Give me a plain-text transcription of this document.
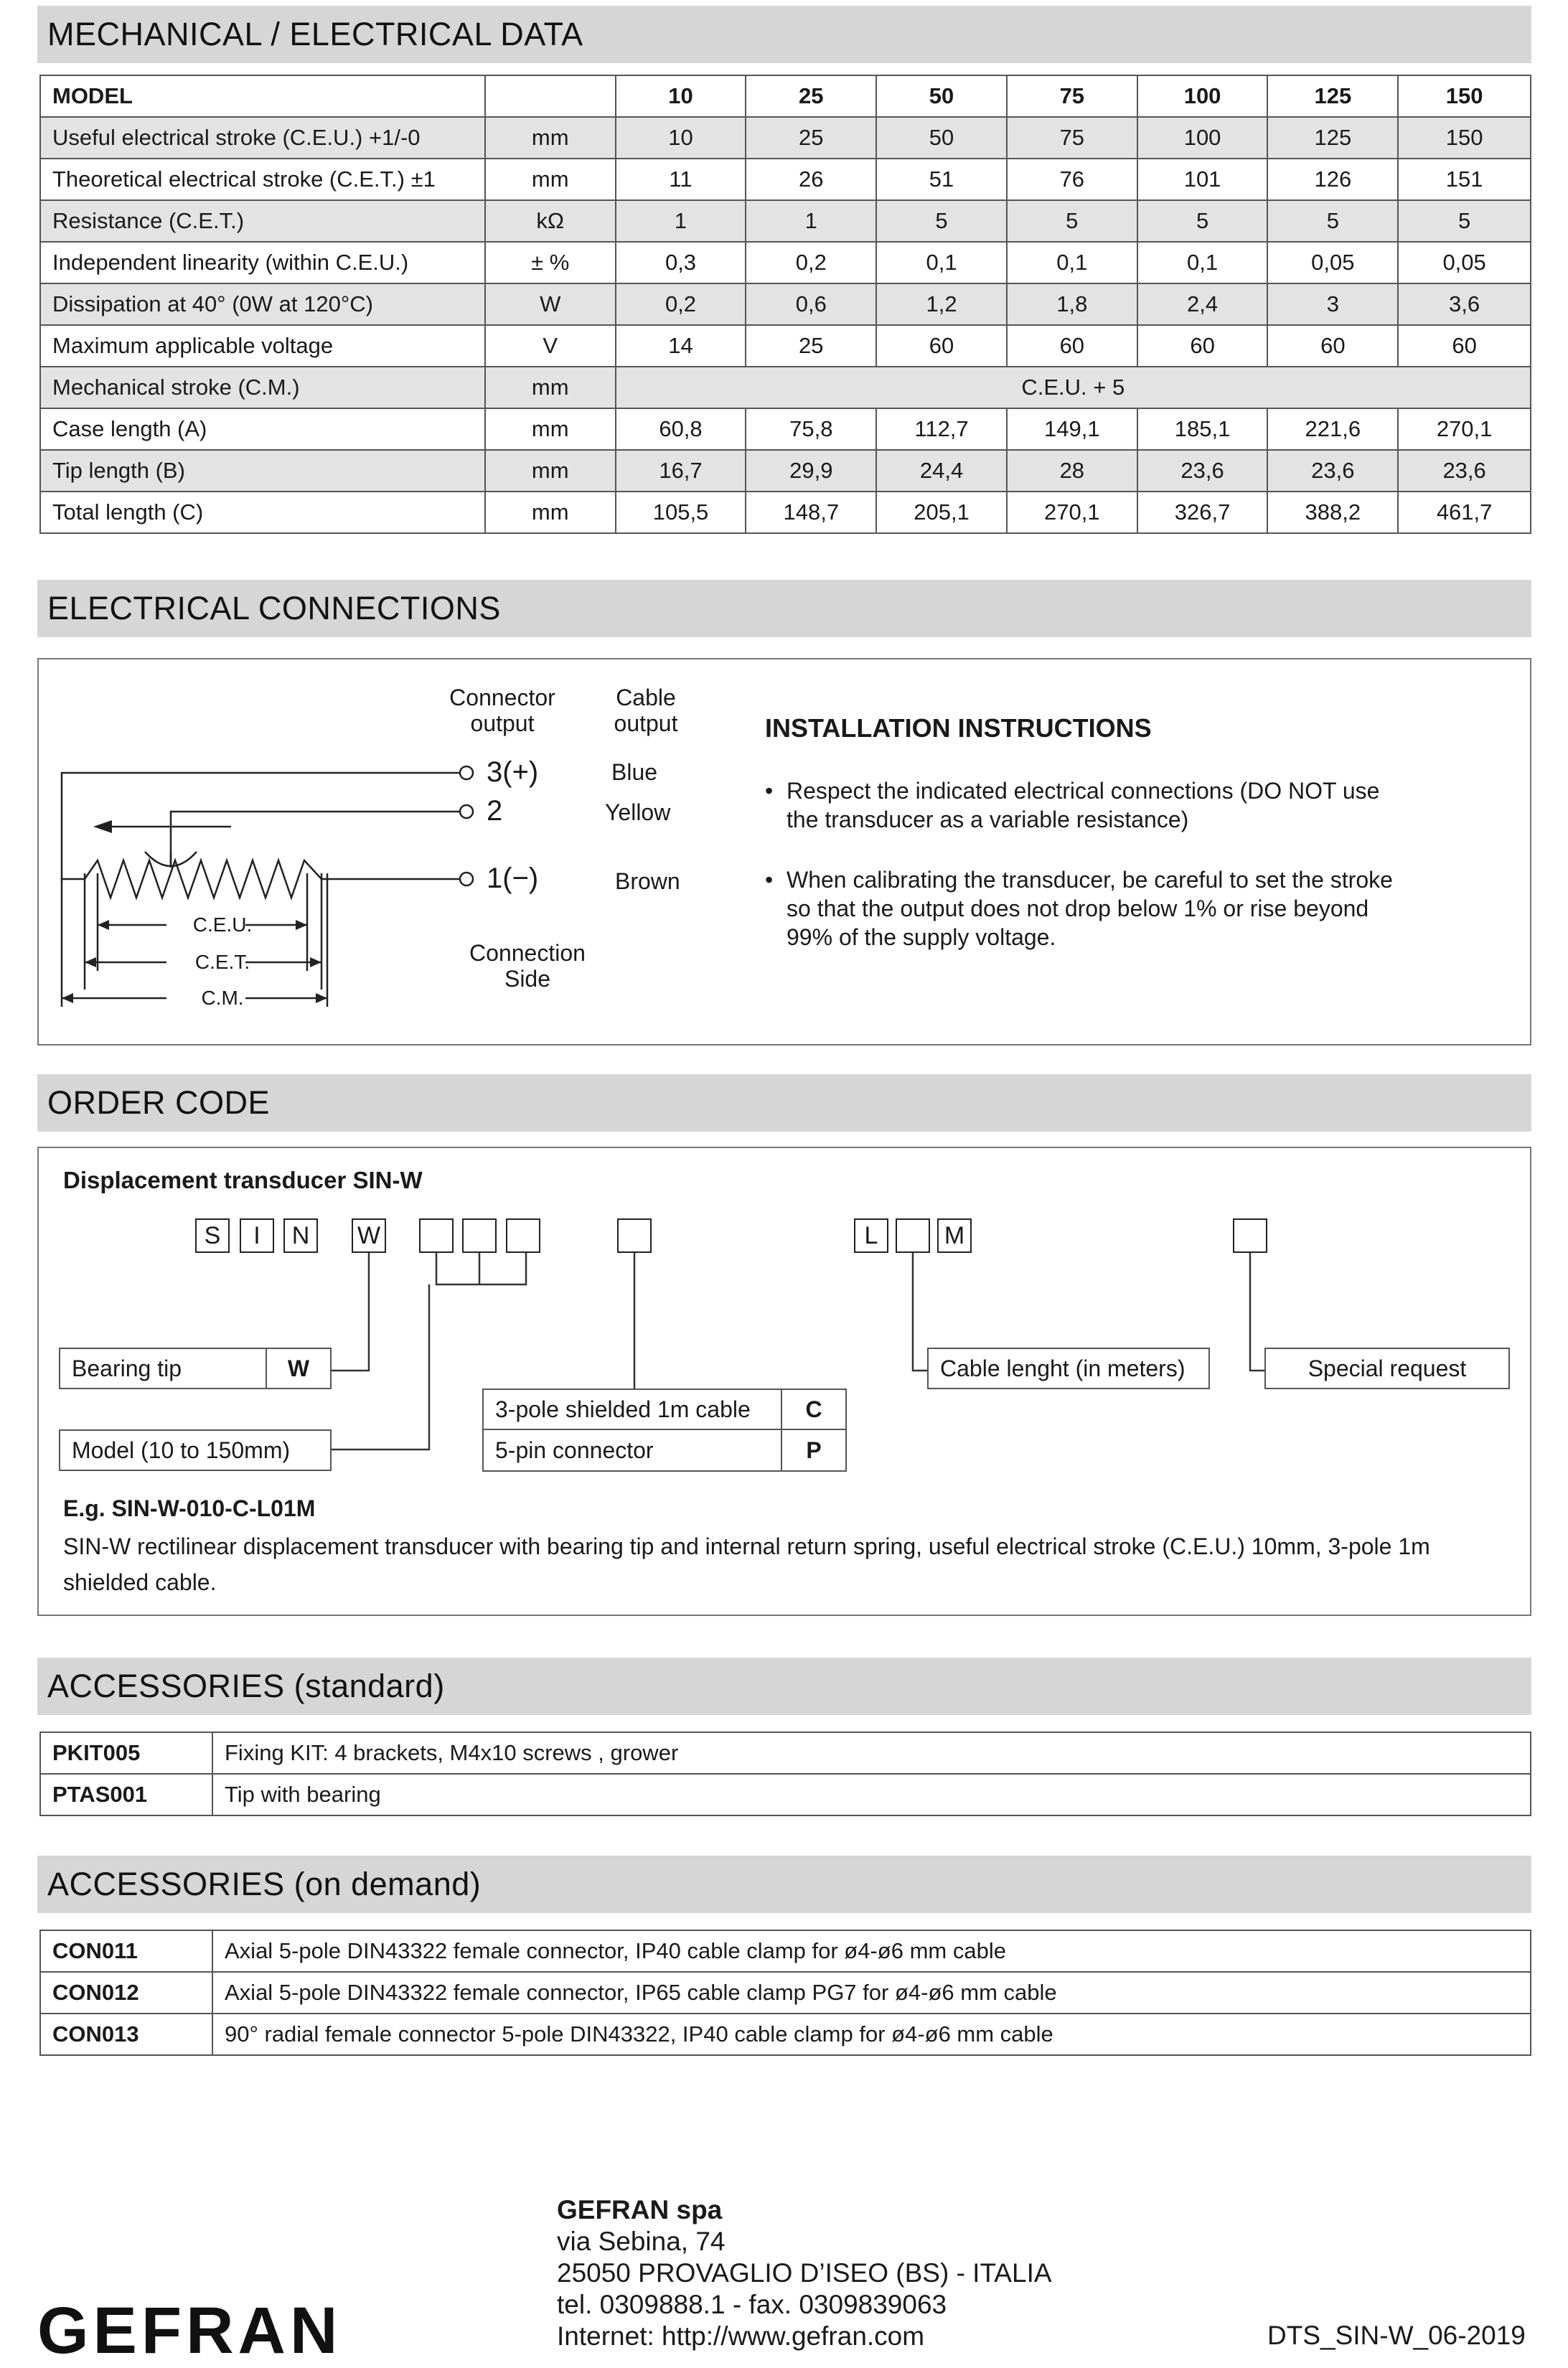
MECHANICAL / ELECTRICAL DATA
MODEL		10	25	50	75	100	125	150
Useful electrical stroke (C.E.U.) +1/-0	mm	10	25	50	75	100	125	150
Theoretical electrical stroke (C.E.T.) ±1	mm	11	26	51	76	101	126	151
Resistance (C.E.T.)	kΩ	1	1	5	5	5	5	5
Independent linearity (within C.E.U.)	± %	0,3	0,2	0,1	0,1	0,1	0,05	0,05
Dissipation at 40° (0W at 120°C)	W	0,2	0,6	1,2	1,8	2,4	3	3,6
Maximum applicable voltage	V	14	25	60	60	60	60	60
Mechanical stroke (C.M.)	mm	C.E.U. + 5						
Case length (A)	mm	60,8	75,8	112,7	149,1	185,1	221,6	270,1
Tip length (B)	mm	16,7	29,9	24,4	28	23,6	23,6	23,6
Total length (C)	mm	105,5	148,7	205,1	270,1	326,7	388,2	461,7
ELECTRICAL CONNECTIONS
C.E.U.
C.E.T.
C.M.
Connector output
Cable output
3(+)
2
1(−)
Blue
Yellow
Brown
Connection Side
INSTALLATION INSTRUCTIONS
• Respect the indicated electrical connections (DO NOT use the transducer as a variable resistance)
• When calibrating the transducer, be careful to set the stroke so that the output does not drop below 1% or rise beyond 99% of the supply voltage.
ORDER CODE
Displacement transducer SIN-W
S	I	N	W	L	M
Bearing tip	W
Model (10 to 150mm)
3-pole shielded 1m cable	C
5-pin connector	P
Cable lenght (in meters)	Special request
E.g. SIN-W-010-C-L01M
SIN-W rectilinear displacement transducer with bearing tip and internal return spring, useful electrical stroke (C.E.U.) 10mm, 3-pole 1m shielded cable.
ACCESSORIES (standard)
PKIT005	Fixing KIT: 4 brackets, M4x10 screws , grower
PTAS001	Tip with bearing
ACCESSORIES (on demand)
CON011	Axial 5-pole DIN43322 female connector, IP40 cable clamp for ø4-ø6 mm cable
CON012	Axial 5-pole DIN43322 female connector, IP65 cable clamp PG7 for ø4-ø6 mm cable
CON013	90° radial female connector 5-pole DIN43322, IP40 cable clamp for ø4-ø6 mm cable
GEFRAN
GEFRAN spa
via Sebina, 74
25050 PROVAGLIO D’ISEO (BS) - ITALIA
tel. 0309888.1 - fax. 0309839063
Internet: http://www.gefran.com	DTS_SIN-W_06-2019
